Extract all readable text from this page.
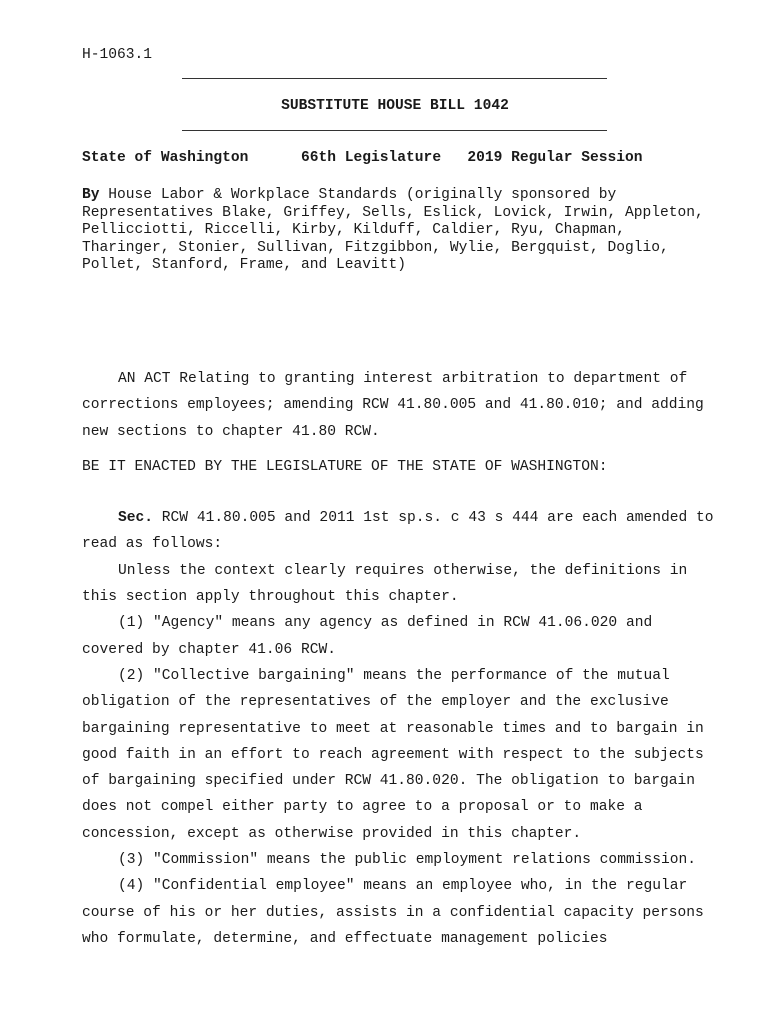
H-1063.1
SUBSTITUTE HOUSE BILL 1042
State of Washington	66th Legislature 2019 Regular Session
By House Labor & Workplace Standards (originally sponsored by Representatives Blake, Griffey, Sells, Eslick, Lovick, Irwin, Appleton, Pellicciotti, Riccelli, Kirby, Kilduff, Caldier, Ryu, Chapman, Tharinger, Stonier, Sullivan, Fitzgibbon, Wylie, Bergquist, Doglio, Pollet, Stanford, Frame, and Leavitt)

AN ACT Relating to granting interest arbitration to department of corrections employees; amending RCW 41.80.005 and 41.80.010; and adding new sections to chapter 41.80 RCW.

BE IT ENACTED BY THE LEGISLATURE OF THE STATE OF WASHINGTON:

Sec. RCW 41.80.005 and 2011 1st sp.s. c 43 s 444 are each amended to read as follows:

Unless the context clearly requires otherwise, the definitions in this section apply throughout this chapter.

(1) "Agency" means any agency as defined in RCW 41.06.020 and covered by chapter 41.06 RCW.

(2) "Collective bargaining" means the performance of the mutual obligation of the representatives of the employer and the exclusive bargaining representative to meet at reasonable times and to bargain in good faith in an effort to reach agreement with respect to the subjects of bargaining specified under RCW 41.80.020. The obligation to bargain does not compel either party to agree to a proposal or to make a concession, except as otherwise provided in this chapter.

(3) "Commission" means the public employment relations commission.

(4) "Confidential employee" means an employee who, in the regular course of his or her duties, assists in a confidential capacity persons who formulate, determine, and effectuate management policies
